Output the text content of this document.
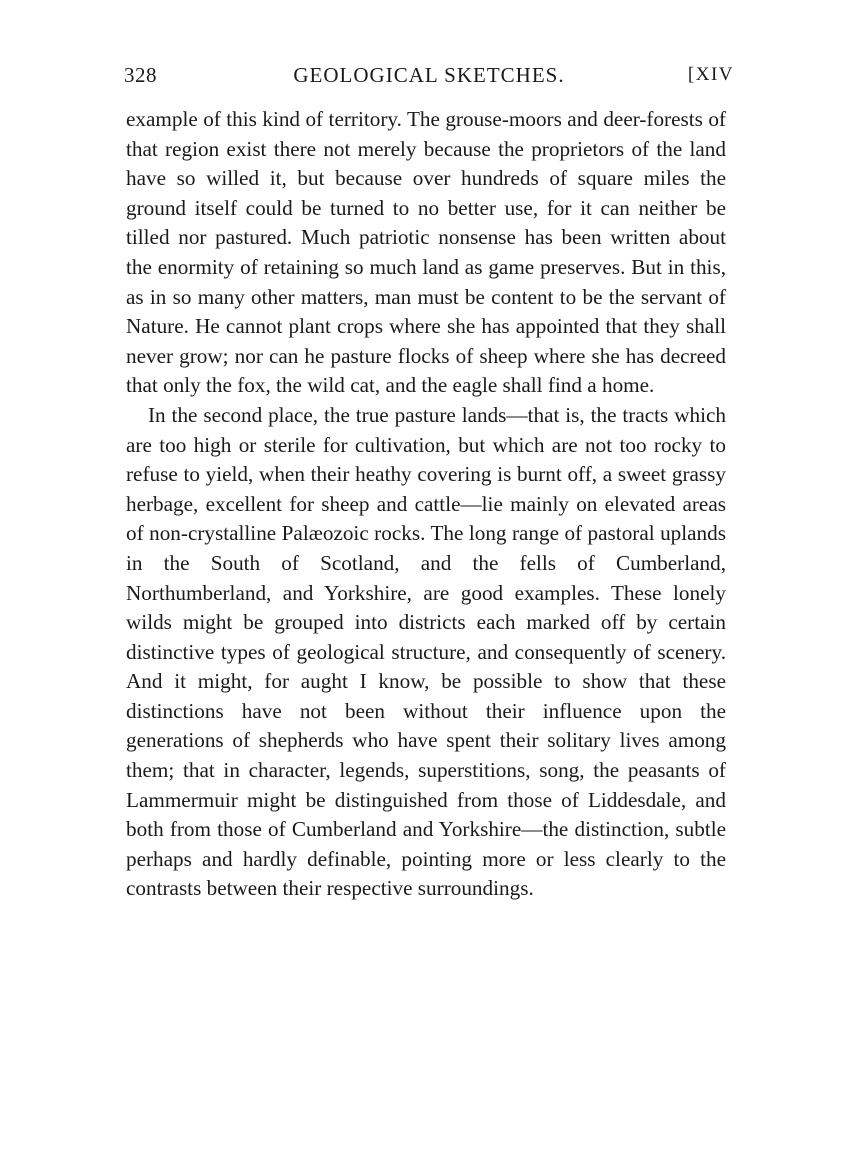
328	GEOLOGICAL SKETCHES.	[XIV

example of this kind of territory. The grouse-moors and deer-forests of that region exist there not merely because the proprietors of the land have so willed it, but because over hundreds of square miles the ground itself could be turned to no better use, for it can neither be tilled nor pastured. Much patriotic nonsense has been written about the enormity of retaining so much land as game preserves. But in this, as in so many other matters, man must be content to be the servant of Nature. He cannot plant crops where she has appointed that they shall never grow; nor can he pasture flocks of sheep where she has decreed that only the fox, the wild cat, and the eagle shall find a home.

In the second place, the true pasture lands—that is, the tracts which are too high or sterile for cultivation, but which are not too rocky to refuse to yield, when their heathy covering is burnt off, a sweet grassy herbage, excellent for sheep and cattle—lie mainly on elevated areas of non-crystalline Palæozoic rocks. The long range of pastoral uplands in the South of Scotland, and the fells of Cumberland, Northumberland, and Yorkshire, are good examples. These lonely wilds might be grouped into districts each marked off by certain distinctive types of geological structure, and consequently of scenery. And it might, for aught I know, be possible to show that these distinctions have not been without their influence upon the generations of shepherds who have spent their solitary lives among them; that in character, legends, superstitions, song, the peasants of Lammermuir might be distinguished from those of Liddesdale, and both from those of Cumberland and Yorkshire—the distinction, subtle perhaps and hardly definable, pointing more or less clearly to the contrasts between their respective surroundings.
